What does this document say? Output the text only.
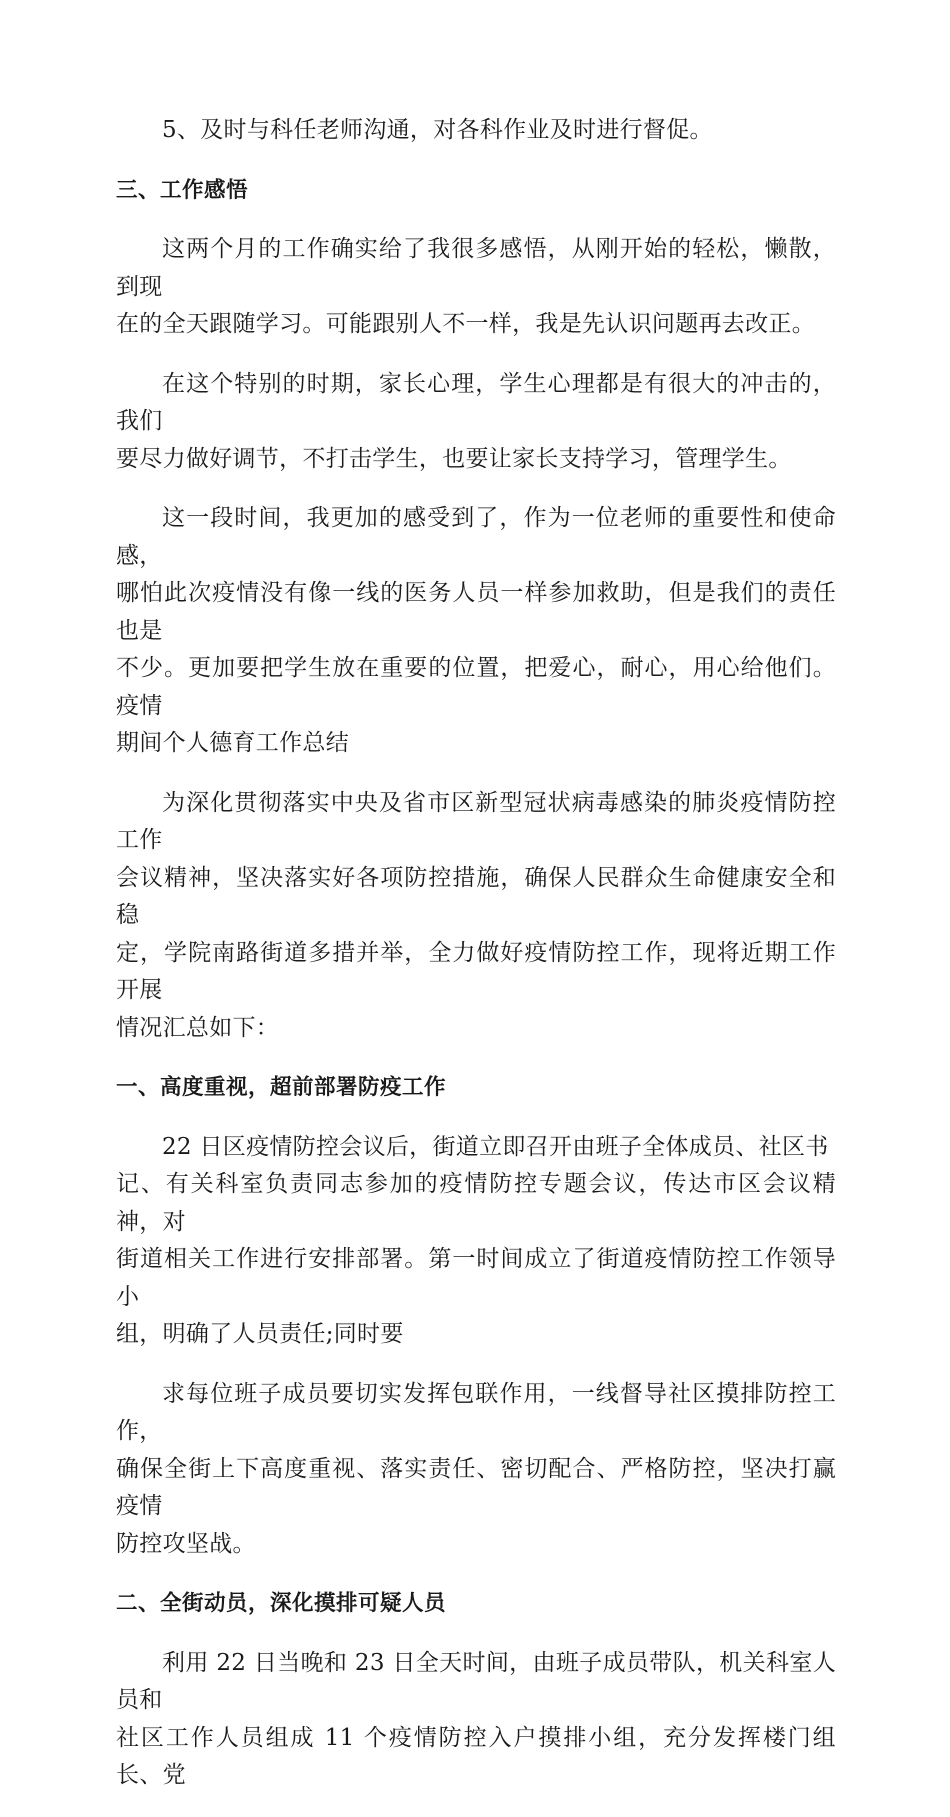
5、及时与科任老师沟通，对各科作业及时进行督促。

三、工作感悟

这两个月的工作确实给了我很多感悟，从刚开始的轻松，懒散，到现
在的全天跟随学习。可能跟别人不一样，我是先认识问题再去改正。

在这个特别的时期，家长心理，学生心理都是有很大的冲击的，我们
要尽力做好调节，不打击学生，也要让家长支持学习，管理学生。

这一段时间，我更加的感受到了，作为一位老师的重要性和使命感，
哪怕此次疫情没有像一线的医务人员一样参加救助，但是我们的责任也是
不少。更加要把学生放在重要的位置，把爱心，耐心，用心给他们。疫情
期间个人德育工作总结

为深化贯彻落实中央及省市区新型冠状病毒感染的肺炎疫情防控工作
会议精神，坚决落实好各项防控措施，确保人民群众生命健康安全和稳
定，学院南路街道多措并举，全力做好疫情防控工作，现将近期工作开展
情况汇总如下：

一、高度重视，超前部署防疫工作

22 日区疫情防控会议后，街道立即召开由班子全体成员、社区书
记、有关科室负责同志参加的疫情防控专题会议，传达市区会议精神，对
街道相关工作进行安排部署。第一时间成立了街道疫情防控工作领导小
组，明确了人员责任;同时要

求每位班子成员要切实发挥包联作用，一线督导社区摸排防控工作，
确保全街上下高度重视、落实责任、密切配合、严格防控，坚决打赢疫情
防控攻坚战。

二、全街动员，深化摸排可疑人员

利用 22 日当晚和 23 日全天时间，由班子成员带队，机关科室人员和
社区工作人员组成 11 个疫情防控入户摸排小组，充分发挥楼门组长、党
